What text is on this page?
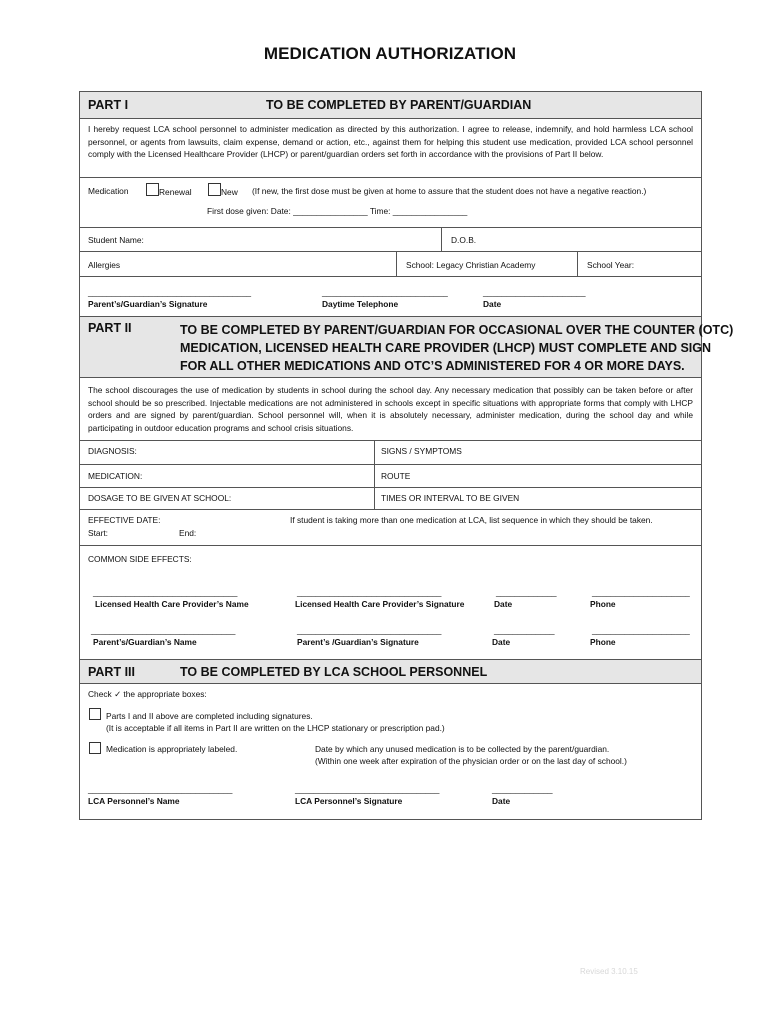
MEDICATION AUTHORIZATION
PART I	TO BE COMPLETED BY PARENT/GUARDIAN
I hereby request LCA school personnel to administer medication as directed by this authorization. I agree to release, indemnify, and hold harmless LCA school personnel, or agents from lawsuits, claim expense, demand or action, etc., against them for helping this student use medication, provided LCA school personnel comply with the Licensed Healthcare Provider (LHCP) or parent/guardian orders set forth in accordance with the provisions of Part II below.
Medication	Renewal	New (If new, the first dose must be given at home to assure that the student does not have a negative reaction.)
First dose given: Date: ________________ Time: ________________
Student Name:	D.O.B.
Allergies	School: Legacy Christian Academy	School Year:
___________________________________	___________________________	______________________
Parent’s/Guardian’s Signature	Daytime Telephone	Date
PART II	TO BE COMPLETED BY PARENT/GUARDIAN FOR OCCASIONAL OVER THE COUNTER (OTC)
MEDICATION, LICENSED HEALTH CARE PROVIDER (LHCP) MUST COMPLETE AND SIGN
FOR ALL OTHER MEDICATIONS AND OTC’S ADMINISTERED FOR 4 OR MORE DAYS.
The school discourages the use of medication by students in school during the school day. Any necessary medication that possibly can be taken before or after school should be so prescribed. Injectable medications are not administered in schools except in specific situations with appropriate forms that comply with LHCP orders and are signed by parent/guardian. School personnel will, when it is absolutely necessary, administer medication, during the school day and while participating in outdoor education programs and school crisis situations.
DIAGNOSIS:	SIGNS / SYMPTOMS
MEDICATION:	ROUTE
DOSAGE TO BE GIVEN AT SCHOOL:	TIMES OR INTERVAL TO BE GIVEN
EFFECTIVE DATE:
Start:	End:
If student is taking more than one medication at LCA, list sequence in which they should be taken.
COMMON SIDE EFFECTS:
_______________________________	_______________________________	_____________	_____________________
Licensed Health Care Provider’s Name	Licensed Health Care Provider’s Signature	Date	Phone
_______________________________	_______________________________	_____________	_____________________
Parent’s/Guardian’s Name	Parent’s /Guardian’s Signature	Date	Phone
PART III	TO BE COMPLETED BY LCA SCHOOL PERSONNEL
Check ✓ the appropriate boxes:
Parts I and II above are completed including signatures.
(It is acceptable if all items in Part II are written on the LHCP stationary or prescription pad.)
Medication is appropriately labeled.	Date by which any unused medication is to be collected by the parent/guardian.
(Within one week after expiration of the physician order or on the last day of school.)
_______________________________	_______________________________	_____________
LCA Personnel’s Name	LCA Personnel’s Signature	Date
Revised 3.10.15
